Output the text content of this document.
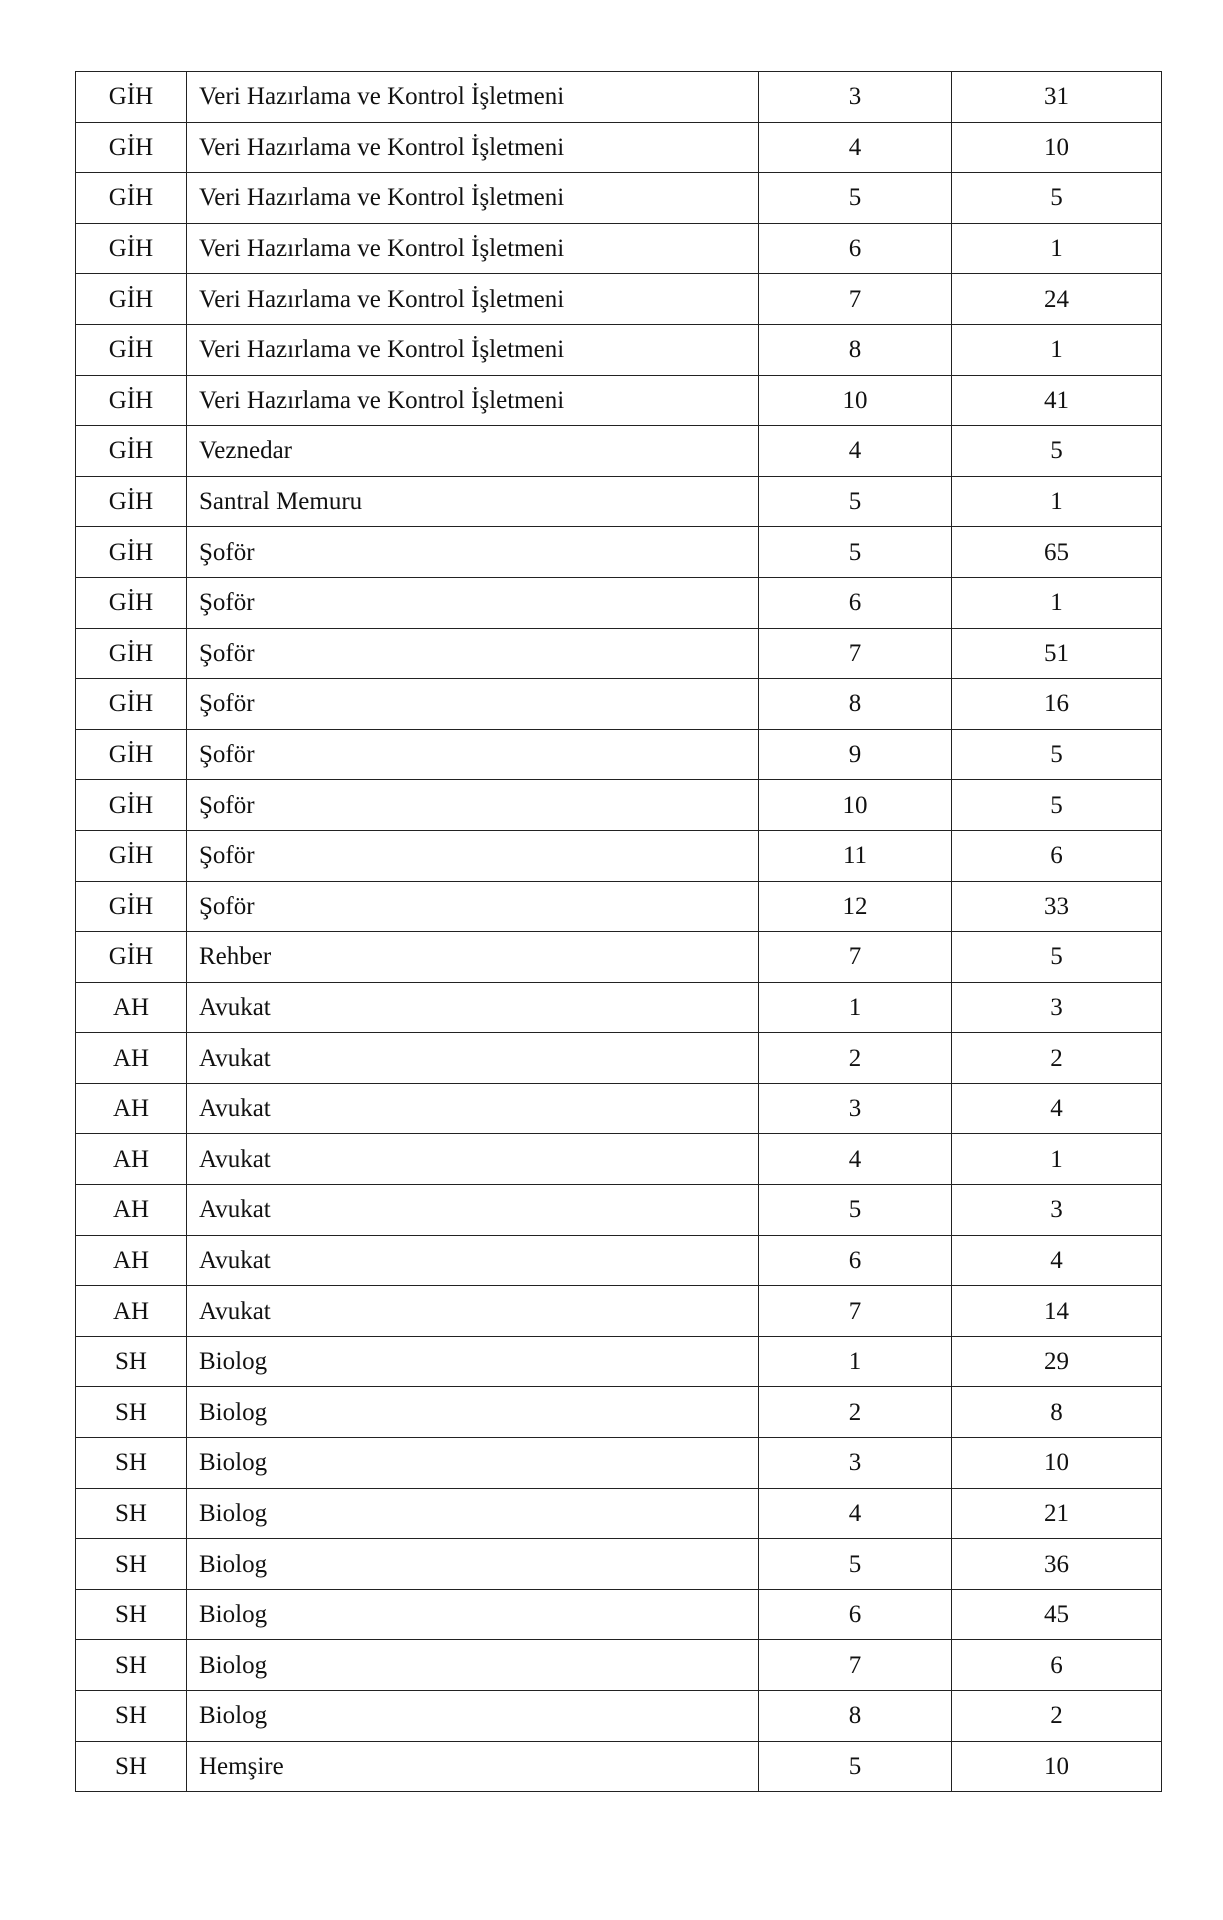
GİH	Veri Hazırlama ve Kontrol İşletmeni	3	31
GİH	Veri Hazırlama ve Kontrol İşletmeni	4	10
GİH	Veri Hazırlama ve Kontrol İşletmeni	5	5
GİH	Veri Hazırlama ve Kontrol İşletmeni	6	1
GİH	Veri Hazırlama ve Kontrol İşletmeni	7	24
GİH	Veri Hazırlama ve Kontrol İşletmeni	8	1
GİH	Veri Hazırlama ve Kontrol İşletmeni	10	41
GİH	Veznedar	4	5
GİH	Santral Memuru	5	1
GİH	Şoför	5	65
GİH	Şoför	6	1
GİH	Şoför	7	51
GİH	Şoför	8	16
GİH	Şoför	9	5
GİH	Şoför	10	5
GİH	Şoför	11	6
GİH	Şoför	12	33
GİH	Rehber	7	5
AH	Avukat	1	3
AH	Avukat	2	2
AH	Avukat	3	4
AH	Avukat	4	1
AH	Avukat	5	3
AH	Avukat	6	4
AH	Avukat	7	14
SH	Biolog	1	29
SH	Biolog	2	8
SH	Biolog	3	10
SH	Biolog	4	21
SH	Biolog	5	36
SH	Biolog	6	45
SH	Biolog	7	6
SH	Biolog	8	2
SH	Hemşire	5	10
